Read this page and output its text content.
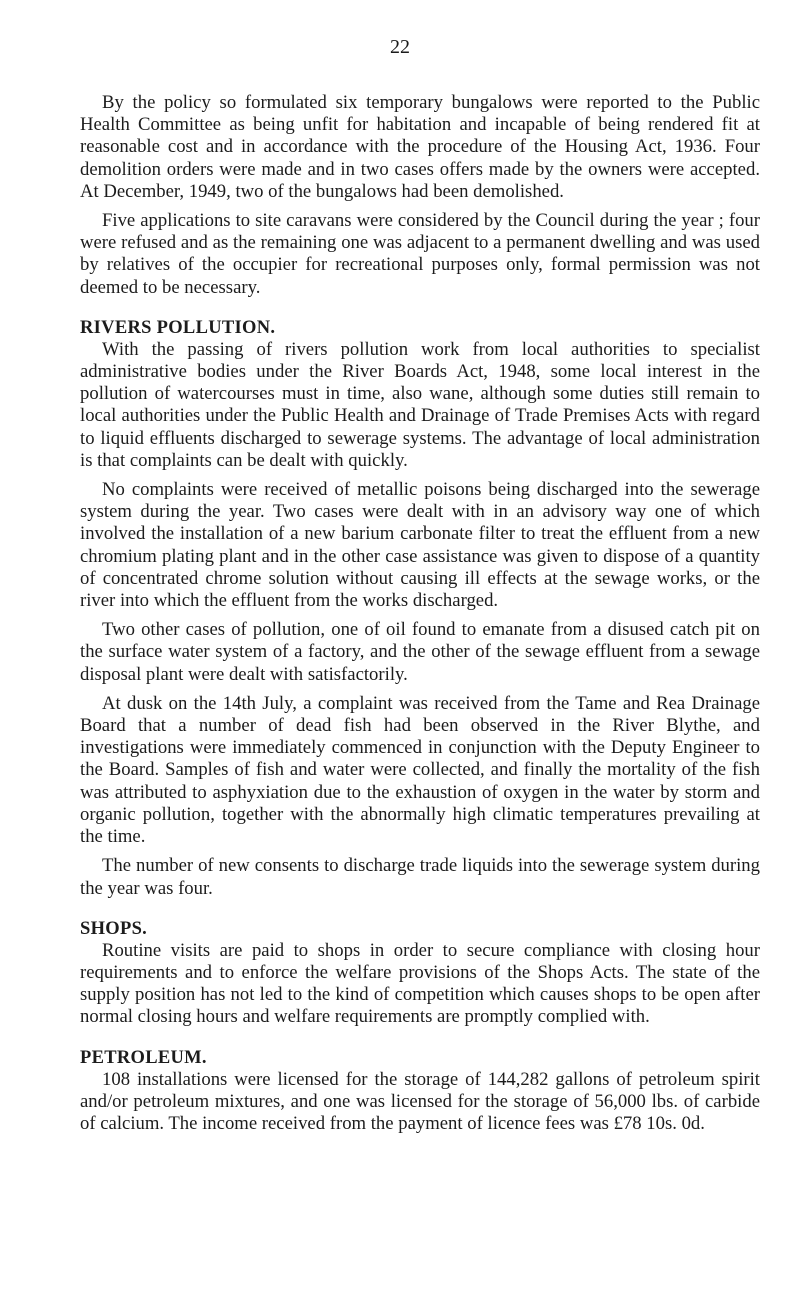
22

By the policy so formulated six temporary bungalows were reported to the Public Health Committee as being unfit for habitation and incapable of being rendered fit at reasonable cost and in accordance with the procedure of the Housing Act, 1936. Four demolition orders were made and in two cases offers made by the owners were accepted. At December, 1949, two of the bungalows had been demolished.

Five applications to site caravans were considered by the Council during the year ; four were refused and as the remaining one was adjacent to a permanent dwelling and was used by relatives of the occupier for recreational purposes only, formal permission was not deemed to be necessary.

RIVERS POLLUTION.

With the passing of rivers pollution work from local authorities to specialist administrative bodies under the River Boards Act, 1948, some local interest in the pollution of watercourses must in time, also wane, although some duties still remain to local authorities under the Public Health and Drainage of Trade Premises Acts with regard to liquid effluents discharged to sewerage systems. The advantage of local administration is that complaints can be dealt with quickly.

No complaints were received of metallic poisons being discharged into the sewerage system during the year. Two cases were dealt with in an advisory way one of which involved the installation of a new barium carbonate filter to treat the effluent from a new chromium plating plant and in the other case assistance was given to dispose of a quantity of concentrated chrome solution without causing ill effects at the sewage works, or the river into which the effluent from the works discharged.

Two other cases of pollution, one of oil found to emanate from a disused catch pit on the surface water system of a factory, and the other of the sewage effluent from a sewage disposal plant were dealt with satisfactorily.

At dusk on the 14th July, a complaint was received from the Tame and Rea Drainage Board that a number of dead fish had been observed in the River Blythe, and investigations were immediately commenced in conjunction with the Deputy Engineer to the Board. Samples of fish and water were collected, and finally the mortality of the fish was attributed to asphyxiation due to the exhaustion of oxygen in the water by storm and organic pollution, together with the abnormally high climatic temperatures prevailing at the time.

The number of new consents to discharge trade liquids into the sewerage system during the year was four.

SHOPS.

Routine visits are paid to shops in order to secure compliance with closing hour requirements and to enforce the welfare provisions of the Shops Acts. The state of the supply position has not led to the kind of competition which causes shops to be open after normal closing hours and welfare requirements are promptly complied with.

PETROLEUM.

108 installations were licensed for the storage of 144,282 gallons of petroleum spirit and/or petroleum mixtures, and one was licensed for the storage of 56,000 lbs. of carbide of calcium. The income received from the payment of licence fees was £78 10s. 0d.
